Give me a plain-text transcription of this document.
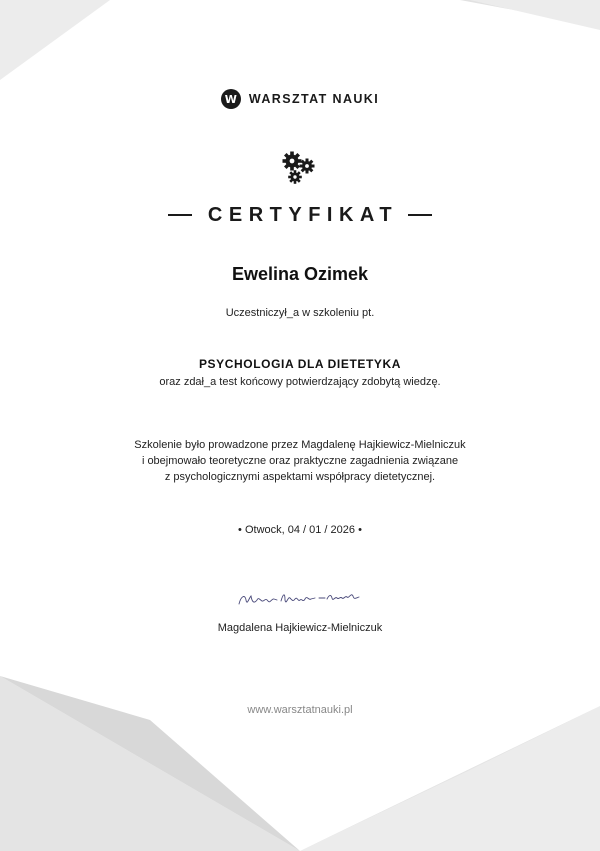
W WARSZTAT NAUKI
CERTYFIKAT
Ewelina Ozimek
Uczestniczył_a w szkoleniu pt.
PSYCHOLOGIA DLA DIETETYKA
oraz zdał_a test końcowy potwierdzający zdobytą wiedzę.
Szkolenie było prowadzone przez Magdalenę Hajkiewicz-Mielniczuk
i obejmowało teoretyczne oraz praktyczne zagadnienia związane
z psychologicznymi aspektami współpracy dietetycznej.
• Otwock, 04 / 01 / 2026 •
Magdalena Hajkiewicz-Mielniczuk
www.warsztatnauki.pl
